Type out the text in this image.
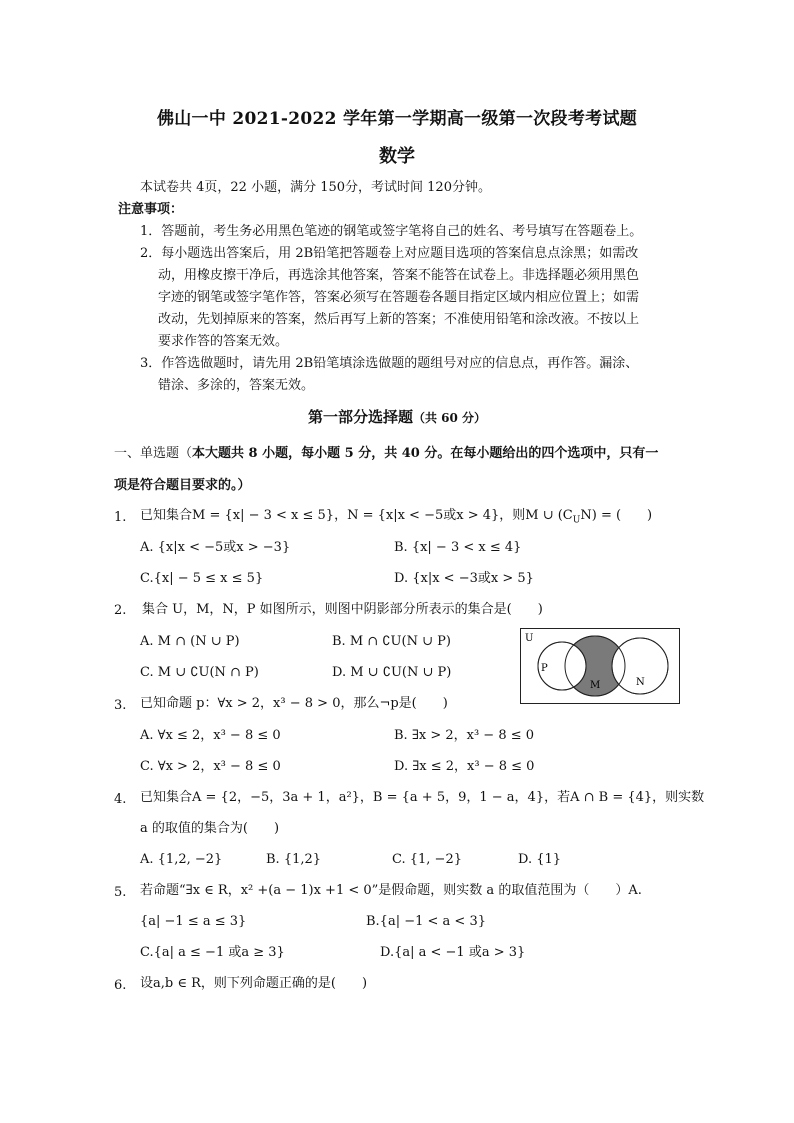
佛山一中 2021-2022 学年第一学期高一级第一次段考考试题
数学
本试卷共 4页，22 小题，满分 150分，考试时间 120分钟。
注意事项：
1．答题前，考生务必用黑色笔迹的钢笔或签字笔将自己的姓名、考号填写在答题卷上。
2．每小题选出答案后，用 2B铅笔把答题卷上对应题目选项的答案信息点涂黑；如需改
动，用橡皮擦干净后，再选涂其他答案，答案不能答在试卷上。非选择题必须用黑色
字迹的钢笔或签字笔作答，答案必须写在答题卷各题目指定区域内相应位置上；如需
改动，先划掉原来的答案，然后再写上新的答案；不准使用铅笔和涂改液。不按以上
要求作答的答案无效。
3．作答选做题时，请先用 2B铅笔填涂选做题的题组号对应的信息点，再作答。漏涂、
错涂、多涂的，答案无效。
第一部分选择题（共 60 分）
一、单选题（本大题共 8 小题，每小题 5 分，共 40 分。在每小题给出的四个选项中，只有一
项是符合题目要求的。）
1. 已知集合M = {x| − 3 < x ≤ 5}，N = {x|x < −5或x > 4}，则M ∪ $(C_UN)$ = (　　)
A. {x|x < −5或x > −3}	B. {x| − 3 < x ≤ 4}
C.{x| − 5 ≤ x ≤ 5}	D. {x|x < −3或x > 5}
2. 集合 U，M，N，P 如图所示，则图中阴影部分所表示的集合是(　　)
A. M ∩ (N ∪ P)	B. M ∩ ∁U(N ∪ P)
C. M ∪ ∁U(N ∩ P)	D. M ∪ ∁U(N ∪ P)
U
P
M	N
3. 已知命题 p：∀x > 2，x³ − 8 > 0，那么¬p是(　　)
A. ∀x ≤ 2，x³ − 8 ≤ 0	B. ∃x > 2，x³ − 8 ≤ 0
C. ∀x > 2，x³ − 8 ≤ 0	D. ∃x ≤ 2，x³ − 8 ≤ 0
4. 已知集合A = {2，−5，3a + 1，a²}，B = {a + 5，9，1 − a，4}，若A ∩ B = {4}，则实数
a 的取值的集合为(　　)
A. {1,2, −2}	B. {1,2}	C. {1, −2}	D. {1}
5. 若命题“∃x ∈ R，x² +(a − 1)x +1 < 0”是假命题，则实数 a 的取值范围为（　　）A.
{a| −1 ≤ a ≤ 3}	B.{a| −1 < a < 3}
C.{a| a ≤ −1 或a ≥ 3}	D.{a| a < −1 或a > 3}
6. 设a,b ∈ R，则下列命题正确的是(　　)
